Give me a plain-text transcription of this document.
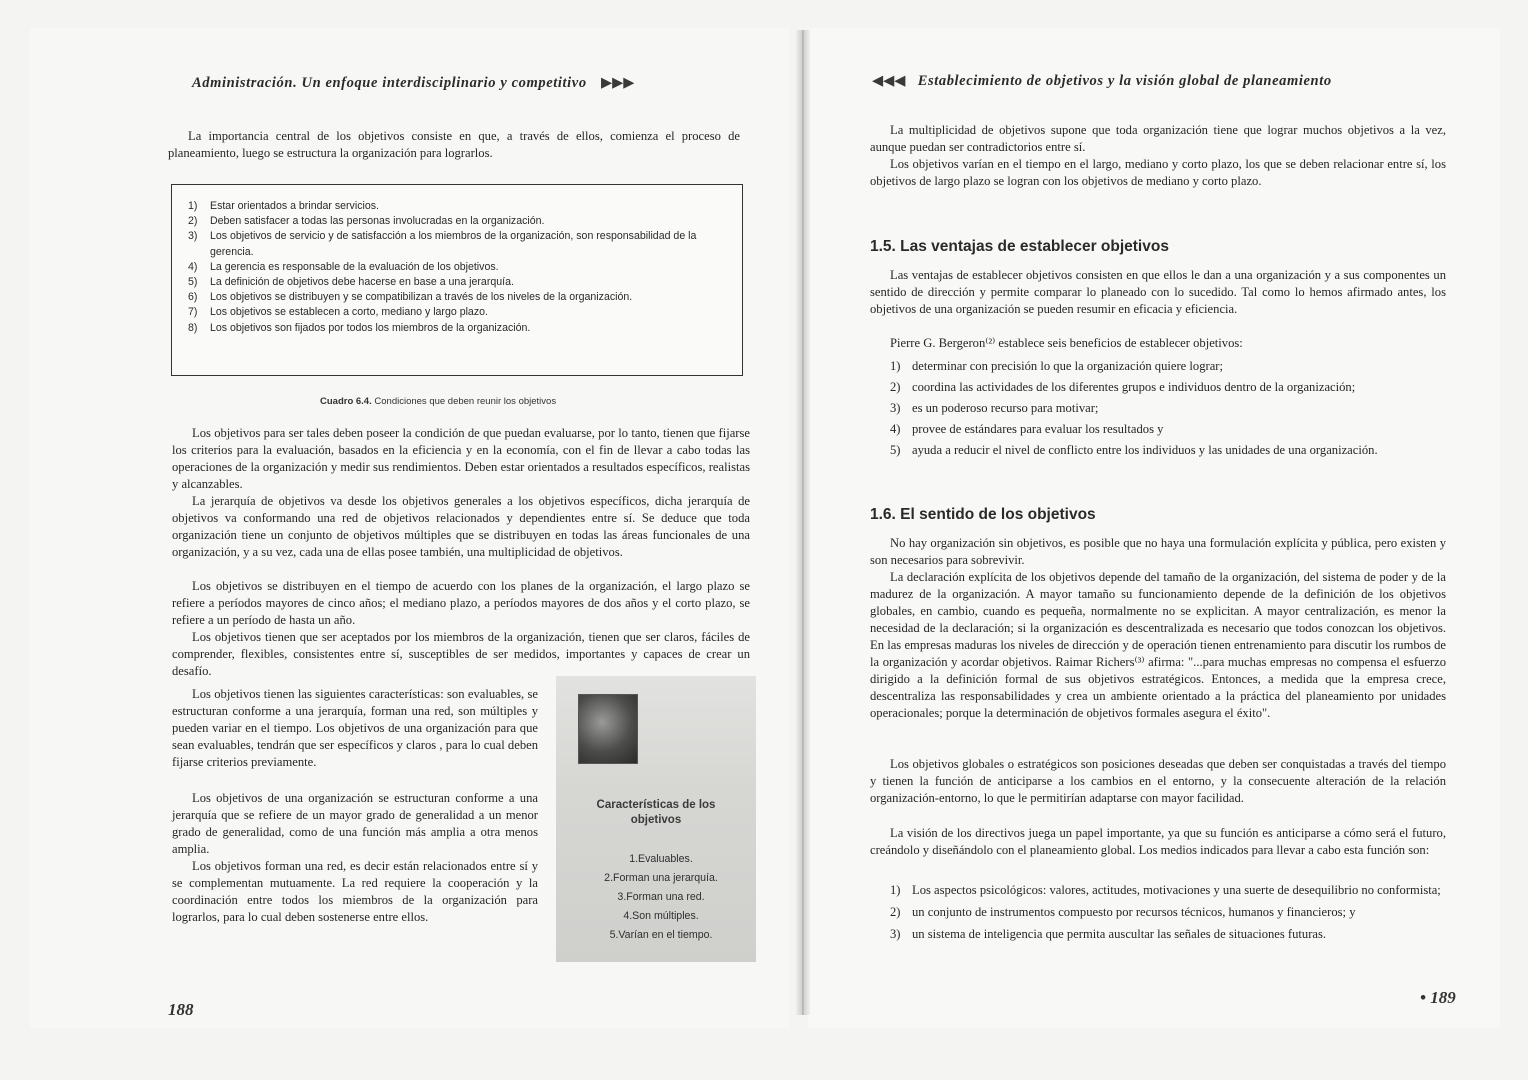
Administración. Un enfoque interdisciplinario y competitivo ▶▶▶

La importancia central de los objetivos consiste en que, a través de ellos, comienza el proceso de planeamiento, luego se estructura la organización para lograrlos.

1)	Estar orientados a brindar servicios.
2)	Deben satisfacer a todas las personas involucradas en la organización.
3)	Los objetivos de servicio y de satisfacción a los miembros de la organización, son responsabilidad de la gerencia.
4)	La gerencia es responsable de la evaluación de los objetivos.
5)	La definición de objetivos debe hacerse en base a una jerarquía.
6)	Los objetivos se distribuyen y se compatibilizan a través de los niveles de la organización.
7)	Los objetivos se establecen a corto, mediano y largo plazo.
8)	Los objetivos son fijados por todos los miembros de la organización.
Cuadro 6.4. Condiciones que deben reunir los objetivos

Los objetivos para ser tales deben poseer la condición de que puedan evaluarse, por lo tanto, tienen que fijarse los criterios para la evaluación, basados en la eficiencia y en la economía, con el fin de llevar a cabo todas las operaciones de la organización y medir sus rendimientos. Deben estar orientados a resultados específicos, realistas y alcanzables.

La jerarquía de objetivos va desde los objetivos generales a los objetivos específicos, dicha jerarquía de objetivos va conformando una red de objetivos relacionados y dependientes entre sí. Se deduce que toda organización tiene un conjunto de objetivos múltiples que se distribuyen en todas las áreas funcionales de una organización, y a su vez, cada una de ellas posee también, una multiplicidad de objetivos.

Los objetivos se distribuyen en el tiempo de acuerdo con los planes de la organización, el largo plazo se refiere a períodos mayores de cinco años; el mediano plazo, a períodos mayores de dos años y el corto plazo, se refiere a un período de hasta un año.

Los objetivos tienen que ser aceptados por los miembros de la organización, tienen que ser claros, fáciles de comprender, flexibles, consistentes entre sí, susceptibles de ser medidos, importantes y capaces de crear un desafío.

Los objetivos tienen las siguientes características: son evaluables, se estructuran conforme a una jerarquía, forman una red, son múltiples y pueden variar en el tiempo. Los objetivos de una organización para que sean evaluables, tendrán que ser específicos y claros , para lo cual deben fijarse criterios previamente.

Los objetivos de una organización se estructuran conforme a una jerarquía que se refiere de un mayor grado de generalidad a un menor grado de generalidad, como de una función más amplia a otra menos amplia.

Los objetivos forman una red, es decir están relacionados entre sí y se complementan mutuamente. La red requiere la cooperación y la coordinación entre todos los miembros de la organización para lograrlos, para lo cual deben sostenerse entre ellos.

Características de los objetivos
1.Evaluables.
2.Forman una jerarquía.
3.Forman una red.
4.Son múltiples.
5.Varían en el tiempo.
188
◀◀◀ Establecimiento de objetivos y la visión global de planeamiento

La multiplicidad de objetivos supone que toda organización tiene que lograr muchos objetivos a la vez, aunque puedan ser contradictorios entre sí.

Los objetivos varían en el tiempo en el largo, mediano y corto plazo, los que se deben relacionar entre sí, los objetivos de largo plazo se logran con los objetivos de mediano y corto plazo.

1.5. Las ventajas de establecer objetivos

Las ventajas de establecer objetivos consisten en que ellos le dan a una organización y a sus componentes un sentido de dirección y permite comparar lo planeado con lo sucedido. Tal como lo hemos afirmado antes, los objetivos de una organización se pueden resumir en eficacia y eficiencia.

Pierre G. Bergeron⁽²⁾ establece seis beneficios de establecer objetivos:

1) determinar con precisión lo que la organización quiere lograr;
2) coordina las actividades de los diferentes grupos e individuos dentro de la organización;
3) es un poderoso recurso para motivar;
4) provee de estándares para evaluar los resultados y
5) ayuda a reducir el nivel de conflicto entre los individuos y las unidades de una organización.
1.6. El sentido de los objetivos

No hay organización sin objetivos, es posible que no haya una formulación explícita y pública, pero existen y son necesarios para sobrevivir.

La declaración explícita de los objetivos depende del tamaño de la organización, del sistema de poder y de la madurez de la organización. A mayor tamaño su funcionamiento depende de la definición de los objetivos globales, en cambio, cuando es pequeña, normalmente no se explicitan. A mayor centralización, es menor la necesidad de la declaración; si la organización es descentralizada es necesario que todos conozcan los objetivos. En las empresas maduras los niveles de dirección y de operación tienen entrenamiento para discutir los rumbos de la organización y acordar objetivos. Raimar Richers⁽³⁾ afirma: "...para muchas empresas no compensa el esfuerzo dirigido a la definición formal de sus objetivos estratégicos. Entonces, a medida que la empresa crece, descentraliza las responsabilidades y crea un ambiente orientado a la práctica del planeamiento por unidades operacionales; porque la determinación de objetivos formales asegura el éxito".

Los objetivos globales o estratégicos son posiciones deseadas que deben ser conquistadas a través del tiempo y tienen la función de anticiparse a los cambios en el entorno, y la consecuente alteración de la relación organización-entorno, lo que le permitirían adaptarse con mayor facilidad.

La visión de los directivos juega un papel importante, ya que su función es anticiparse a cómo será el futuro, creándolo y diseñándolo con el planeamiento global. Los medios indicados para llevar a cabo esta función son:

1) Los aspectos psicológicos: valores, actitudes, motivaciones y una suerte de desequilibrio no conformista;
2) un conjunto de instrumentos compuesto por recursos técnicos, humanos y financieros; y
3) un sistema de inteligencia que permita auscultar las señales de situaciones futuras.
• 189
